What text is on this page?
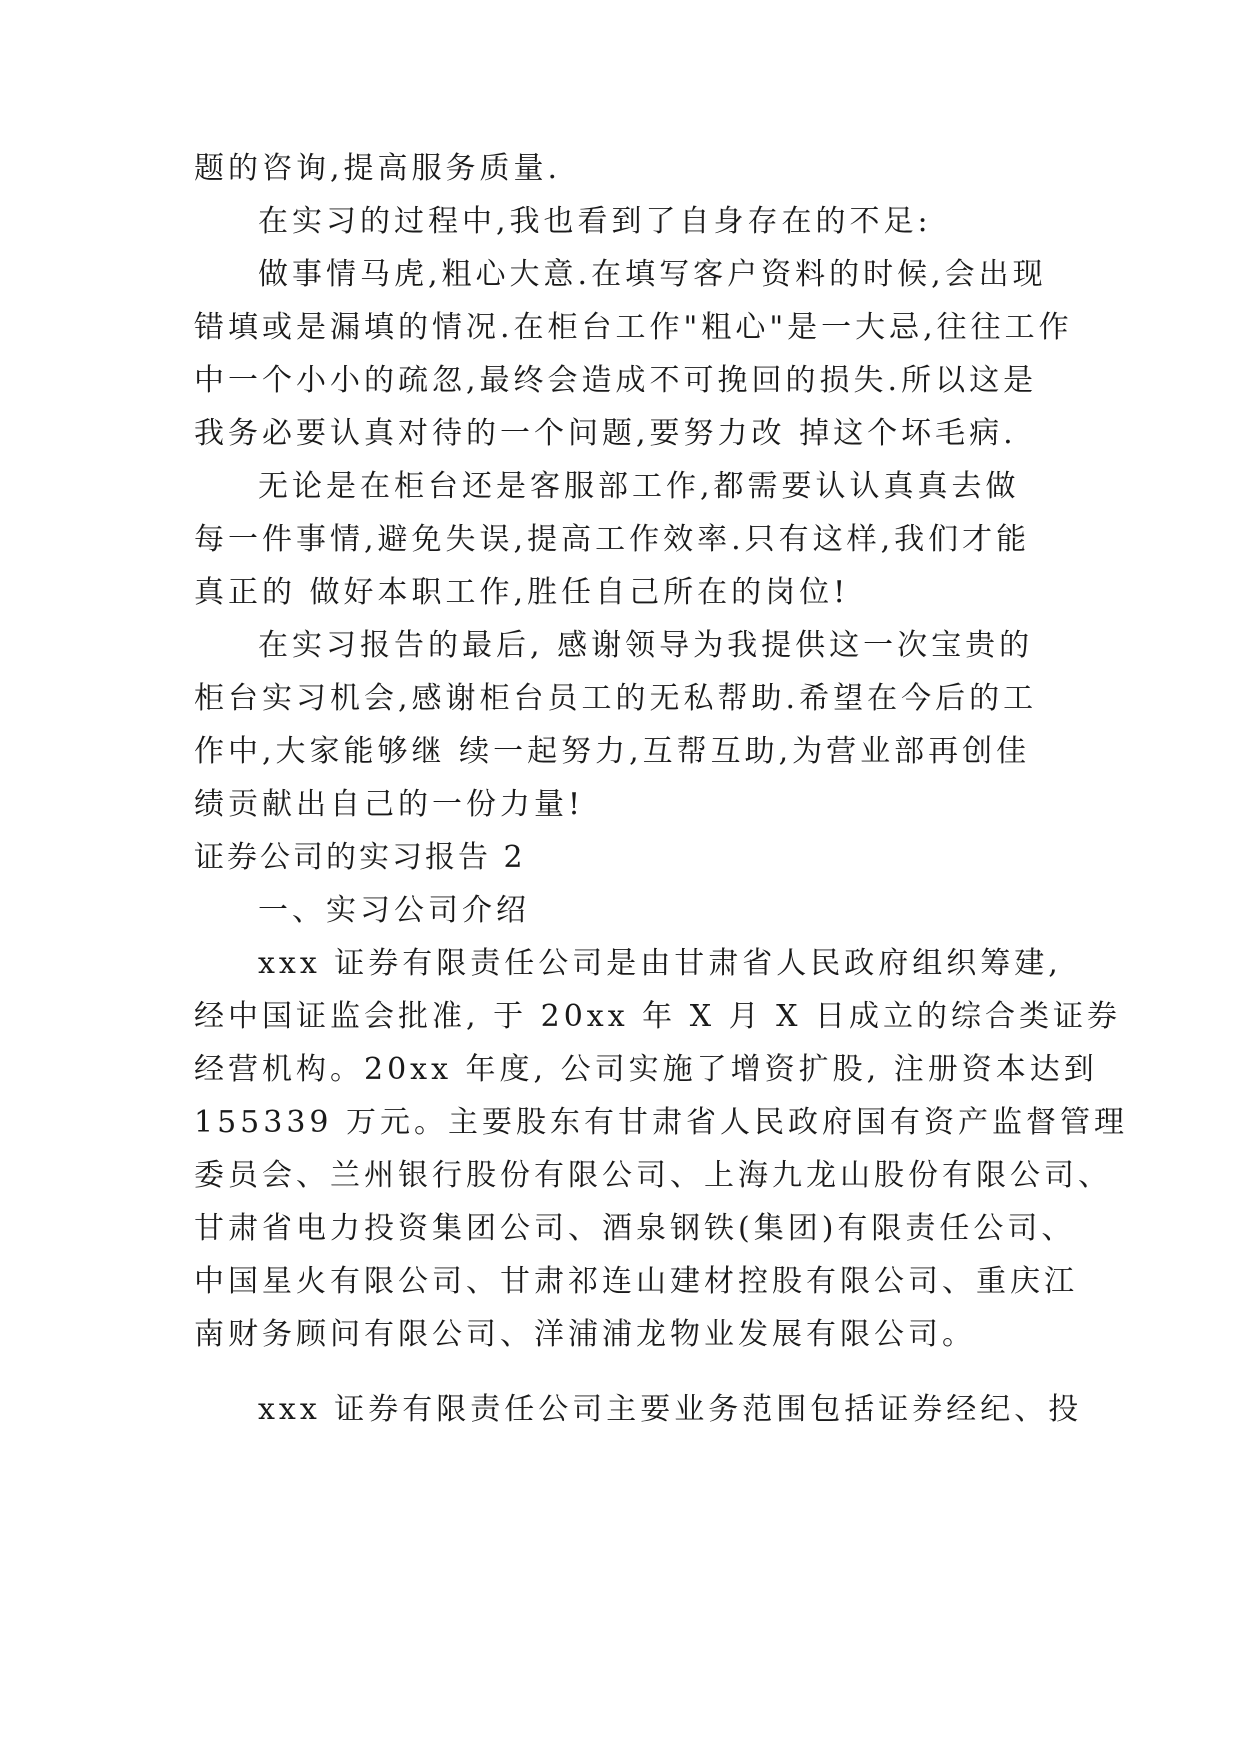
题的咨询,提高服务质量.
在实习的过程中,我也看到了自身存在的不足:
做事情马虎,粗心大意.在填写客户资料的时候,会出现
错填或是漏填的情况.在柜台工作"粗心"是一大忌,往往工作
中一个小小的疏忽,最终会造成不可挽回的损失.所以这是
我务必要认真对待的一个问题,要努力改 掉这个坏毛病.
无论是在柜台还是客服部工作,都需要认认真真去做
每一件事情,避免失误,提高工作效率.只有这样,我们才能
真正的 做好本职工作,胜任自己所在的岗位!
在实习报告的最后, 感谢领导为我提供这一次宝贵的
柜台实习机会,感谢柜台员工的无私帮助.希望在今后的工
作中,大家能够继 续一起努力,互帮互助,为营业部再创佳
绩贡献出自己的一份力量!
证券公司的实习报告 2
一、实习公司介绍
xxx 证券有限责任公司是由甘肃省人民政府组织筹建,
经中国证监会批准, 于 20xx 年 X 月 X 日成立的综合类证券
经营机构。20xx 年度, 公司实施了增资扩股, 注册资本达到
155339 万元。主要股东有甘肃省人民政府国有资产监督管理
委员会、兰州银行股份有限公司、上海九龙山股份有限公司、
甘肃省电力投资集团公司、酒泉钢铁(集团)有限责任公司、
中国星火有限公司、甘肃祁连山建材控股有限公司、重庆江
南财务顾问有限公司、洋浦浦龙物业发展有限公司。
xxx 证券有限责任公司主要业务范围包括证券经纪、投
